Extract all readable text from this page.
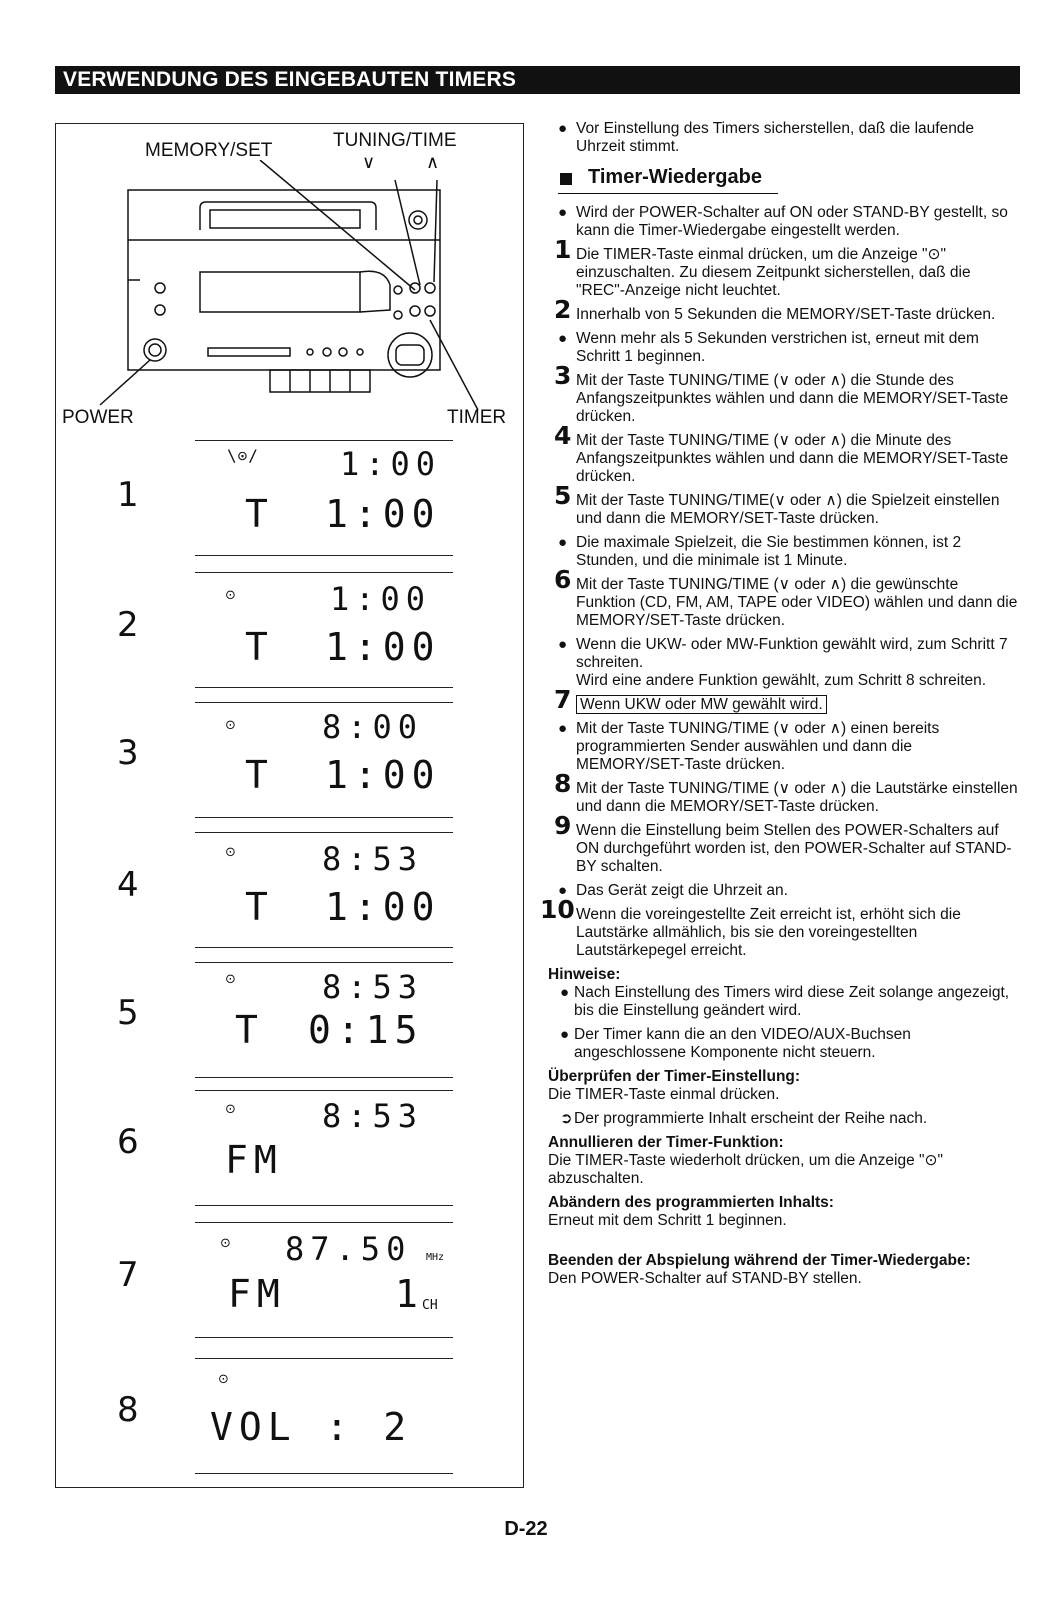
VERWENDUNG DES EINGEBAUTEN TIMERS
MEMORY/SET	TUNING/TIME
∨	∧
POWER	TIMER
1
\⊙/	1:00
T 1:00
2
⊙	1:00
T 1:00
3
⊙	8:00
T 1:00
4
⊙	8:53
T 1:00
5
⊙	8:53
T 0:15
6
⊙	8:53
FM
7
⊙ 87.50 MHz
FM	1
CH
8
⊙
VOL : 2
● Vor Einstellung des Timers sicherstellen, daß die laufende Uhrzeit stimmt.
Timer-Wiedergabe
● Wird der POWER-Schalter auf ON oder STAND-BY gestellt, so kann die Timer-Wiedergabe eingestellt werden.
1 Die TIMER-Taste einmal drücken, um die Anzeige "⊙" einzuschalten. Zu diesem Zeitpunkt sicherstellen, daß die "REC"-Anzeige nicht leuchtet.
2 Innerhalb von 5 Sekunden die MEMORY/SET-Taste drücken.
● Wenn mehr als 5 Sekunden verstrichen ist, erneut mit dem Schritt 1 beginnen.
3 Mit der Taste TUNING/TIME (∨ oder ∧) die Stunde des Anfangszeitpunktes wählen und dann die MEMORY/SET-Taste drücken.
4 Mit der Taste TUNING/TIME (∨ oder ∧) die Minute des Anfangszeitpunktes wählen und dann die MEMORY/SET-Taste drücken.
5 Mit der Taste TUNING/TIME(∨ oder ∧) die Spielzeit einstellen und dann die MEMORY/SET-Taste drücken.
● Die maximale Spielzeit, die Sie bestimmen können, ist 2 Stunden, und die minimale ist 1 Minute.
6 Mit der Taste TUNING/TIME (∨ oder ∧) die gewünschte Funktion (CD, FM, AM, TAPE oder VIDEO) wählen und dann die MEMORY/SET-Taste drücken.
● Wenn die UKW- oder MW-Funktion gewählt wird, zum Schritt 7 schreiten.
Wird eine andere Funktion gewählt, zum Schritt 8 schreiten.
7 Wenn UKW oder MW gewählt wird.
● Mit der Taste TUNING/TIME (∨ oder ∧) einen bereits programmierten Sender auswählen und dann die MEMORY/SET-Taste drücken.
8 Mit der Taste TUNING/TIME (∨ oder ∧) die Lautstärke einstellen und dann die MEMORY/SET-Taste drücken.
9 Wenn die Einstellung beim Stellen des POWER-Schalters auf ON durchgeführt worden ist, den POWER-Schalter auf STAND-BY schalten.
● Das Gerät zeigt die Uhrzeit an.
10 Wenn die voreingestellte Zeit erreicht ist, erhöht sich die Lautstärke allmählich, bis sie den voreingestellten Lautstärkepegel erreicht.
Hinweise:
● Nach Einstellung des Timers wird diese Zeit solange angezeigt, bis die Einstellung geändert wird.
● Der Timer kann die an den VIDEO/AUX-Buchsen angeschlossene Komponente nicht steuern.
Überprüfen der Timer-Einstellung:
Die TIMER-Taste einmal drücken.
➲ Der programmierte Inhalt erscheint der Reihe nach.
Annullieren der Timer-Funktion:
Die TIMER-Taste wiederholt drücken, um die Anzeige "⊙" abzuschalten.
Abändern des programmierten Inhalts:
Erneut mit dem Schritt 1 beginnen.
Beenden der Abspielung während der Timer-Wiedergabe:
Den POWER-Schalter auf STAND-BY stellen.
D-22
